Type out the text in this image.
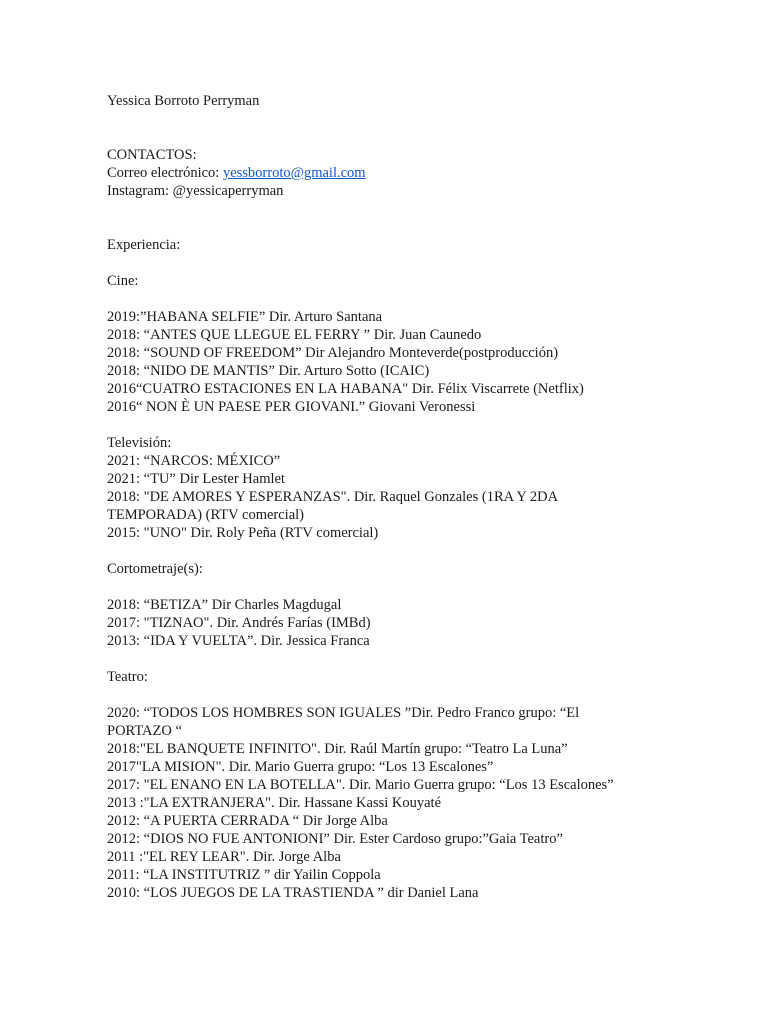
Yessica Borroto Perryman
CONTACTOS:
Correo electrónico: yessborroto@gmail.com
Instagram: @yessicaperryman
Experiencia:
Cine:
2019:”HABANA SELFIE” Dir. Arturo Santana
2018: “ANTES QUE LLEGUE EL FERRY ” Dir. Juan Caunedo
2018: “SOUND OF FREEDOM” Dir Alejandro Monteverde(postproducción)
2018: “NIDO DE MANTIS” Dir. Arturo Sotto (ICAIC)
2016“CUATRO ESTACIONES EN LA HABANA" Dir. Félix Viscarrete (Netflix)
2016“ NON È UN PAESE PER GIOVANI.” Giovani Veronessi
Televisión:
2021: “NARCOS: MÉXICO”
2021: “TU” Dir Lester Hamlet
2018: "DE AMORES Y ESPERANZAS". Dir. Raquel Gonzales (1RA Y 2DA
TEMPORADA) (RTV comercial)
2015: "UNO" Dir. Roly Peña (RTV comercial)
Cortometraje(s):
2018: “BETIZA” Dir Charles Magdugal
2017: "TIZNAO". Dir. Andrés Farías (IMBd)
2013: “IDA Y VUELTA”. Dir. Jessica Franca
Teatro:
2020: “TODOS LOS HOMBRES SON IGUALES ”Dir. Pedro Franco grupo: “El
PORTAZO “
2018:"EL BANQUETE INFINITO". Dir. Raúl Martín grupo: “Teatro La Luna”
2017"LA MISION". Dir. Mario Guerra grupo: “Los 13 Escalones”
2017: "EL ENANO EN LA BOTELLA". Dir. Mario Guerra grupo: “Los 13 Escalones”
2013 :"LA EXTRANJERA". Dir. Hassane Kassi Kouyaté
2012: “A PUERTA CERRADA “ Dir Jorge Alba
2012: “DIOS NO FUE ANTONIONI” Dir. Ester Cardoso grupo:”Gaia Teatro”
2011 :"EL REY LEAR". Dir. Jorge Alba
2011: “LA INSTITUTRIZ ” dir Yailin Coppola
2010: “LOS JUEGOS DE LA TRASTIENDA ” dir Daniel Lana
